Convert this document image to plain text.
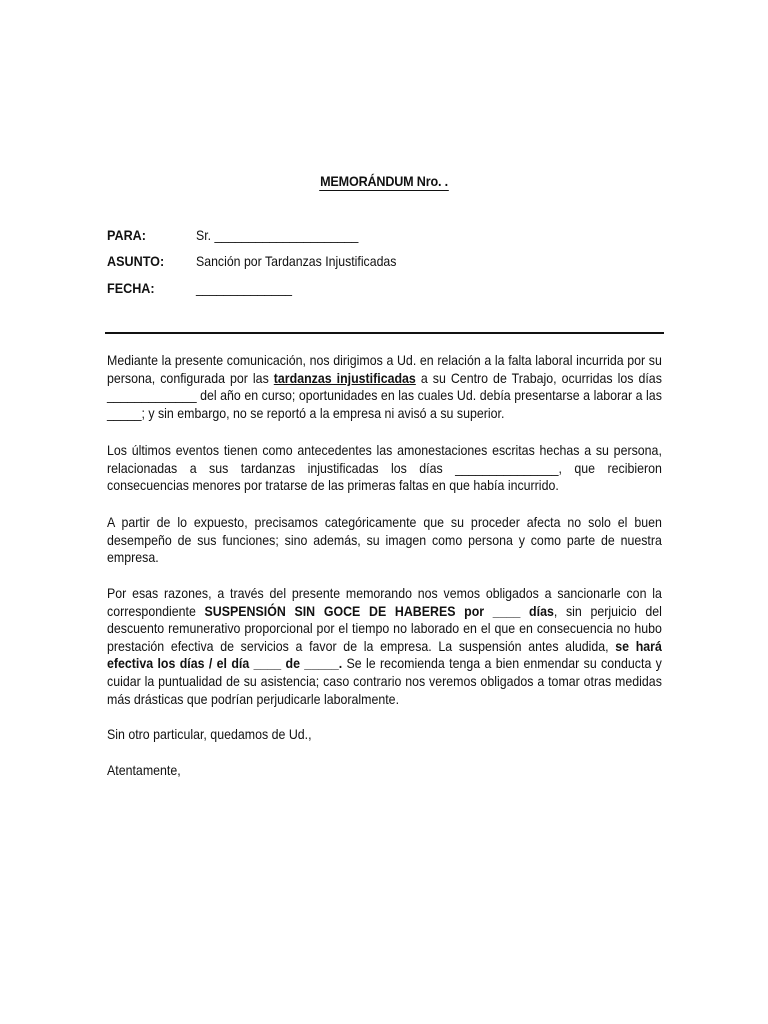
MEMORÁNDUM Nro. .
PARA:	Sr. _____________________
ASUNTO: Sanción por Tardanzas Injustificadas
FECHA:	______________

Mediante la presente comunicación, nos dirigimos a Ud. en relación a la falta laboral incurrida por su persona, configurada por las tardanzas injustificadas a su Centro de Trabajo, ocurridas los días _____________ del año en curso; oportunidades en las cuales Ud. debía presentarse a laborar a las _____; y sin embargo, no se reportó a la empresa ni avisó a su superior.

Los últimos eventos tienen como antecedentes las amonestaciones escritas hechas a su persona, relacionadas a sus tardanzas injustificadas los días _______________, que recibieron consecuencias menores por tratarse de las primeras faltas en que había incurrido.

A partir de lo expuesto, precisamos categóricamente que su proceder afecta no solo el buen desempeño de sus funciones; sino además, su imagen como persona y como parte de nuestra empresa.

Por esas razones, a través del presente memorando nos vemos obligados a sancionarle con la correspondiente SUSPENSIÓN SIN GOCE DE HABERES por ____ días, sin perjuicio del descuento remunerativo proporcional por el tiempo no laborado en el que en consecuencia no hubo prestación efectiva de servicios a favor de la empresa. La suspensión antes aludida, se hará efectiva los días / el día ____ de _____. Se le recomienda tenga a bien enmendar su conducta y cuidar la puntualidad de su asistencia; caso contrario nos veremos obligados a tomar otras medidas más drásticas que podrían perjudicarle laboralmente.

Sin otro particular, quedamos de Ud.,

Atentamente,
